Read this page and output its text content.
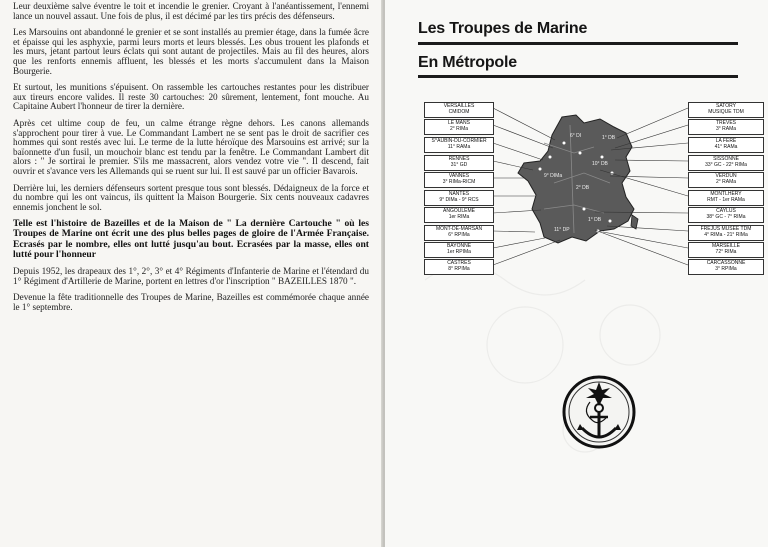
Leur deuxième salve éventre le toit et incendie le grenier. Croyant à l'anéantissement, l'ennemi lance un nouvel assaut. Une fois de plus, il est décimé par les tirs précis des défenseurs.

Les Marsouins ont abandonné le grenier et se sont installés au premier étage, dans la fumée âcre et épaisse qui les asphyxie, parmi leurs morts et leurs blessés. Les obus trouent les plafonds et les murs, jetant partout leurs éclats qui sont autant de projectiles. Mais au fil des heures, alors que les renforts ennemis affluent, les blessés et les morts s'accumulent dans la Maison Bourgerie.

Et surtout, les munitions s'épuisent. On rassemble les cartouches restantes pour les distribuer aux tireurs encore valides. Il reste 30 cartouches: 20 sûrement, lentement, font mouche. Au Capitaine Aubert l'honneur de tirer la dernière.

Après cet ultime coup de feu, un calme étrange règne dehors. Les canons allemands s'approchent pour tirer à vue. Le Commandant Lambert ne se sent pas le droit de sacrifier ces hommes qui sont restés avec lui. Le terme de la lutte héroïque des Marsouins est arrivé; sur la baïonnette d'un fusil, un mouchoir blanc est tendu par la fenêtre. Le Commandant Lambert dit alors : " Je sortirai le premier. S'ils me massacrent, alors vendez votre vie ". Il descend, fait ouvrir et s'avance vers les Allemands qui se ruent sur lui. Il est sauvé par un officier Bavarois.

Derrière lui, les derniers défenseurs sortent presque tous sont blessés. Dédaigneux de la force et du nombre qui les ont vaincus, ils quittent la Maison Bourgerie. Six cents nouveaux cadavres ennemis jonchent le sol.

Telle est l'histoire de Bazeilles et de la Maison de " La dernière Cartouche " où les Troupes de Marine ont écrit une des plus belles pages de gloire de l'Armée Française. Ecrasés par le nombre, elles ont lutté jusqu'au bout. Ecrasées par la masse, elles ont lutté pour l'honneur

Depuis 1952, les drapeaux des 1°, 2°, 3° et 4° Régiments d'Infanterie de Marine et l'étendard du 1° Régiment d'Artillerie de Marine, portent en lettres d'or l'inscription " BAZEILLES 1870 ".

Devenue la fête traditionnelle des Troupes de Marine, Bazeilles est commémorée chaque année le 1° septembre.

Les Troupes de Marine
En Métropole
9° DIMa
6° DI	1° DB
10° DB
2° DB
11° DP
1° DB
VERSAILLES
CMIDOM
LE MANS
2° RIMa
S^AUBIN-DU-CORMIER
11° RAMa
RENNES
31° GD
VANNES
3° RIMa-RICM
NANTES
9° DIMa - 9° RCS
ANGOULEME
1er RIMa
MONT-DE-MARSAN
6° RPIMa
BAYONNE
1er RPIMa
CASTRES
8° RPIMa
SATORY
MUSIQUE TDM
TREVES
3° RAMa
LA FERE
41° RAMa
SISSONNE
33° GC - 22° RIMa
VERDUN
2° RAMa
MONTLHERY
RMT - 1er RAMa
CAYLUS
38° GC - 7° RIMa
FREJUS MUSEE TDM
4° RIMa - 21° RIMa
MARSEILLE
72° RIMa
CARCASSONNE
3° RPIMa
